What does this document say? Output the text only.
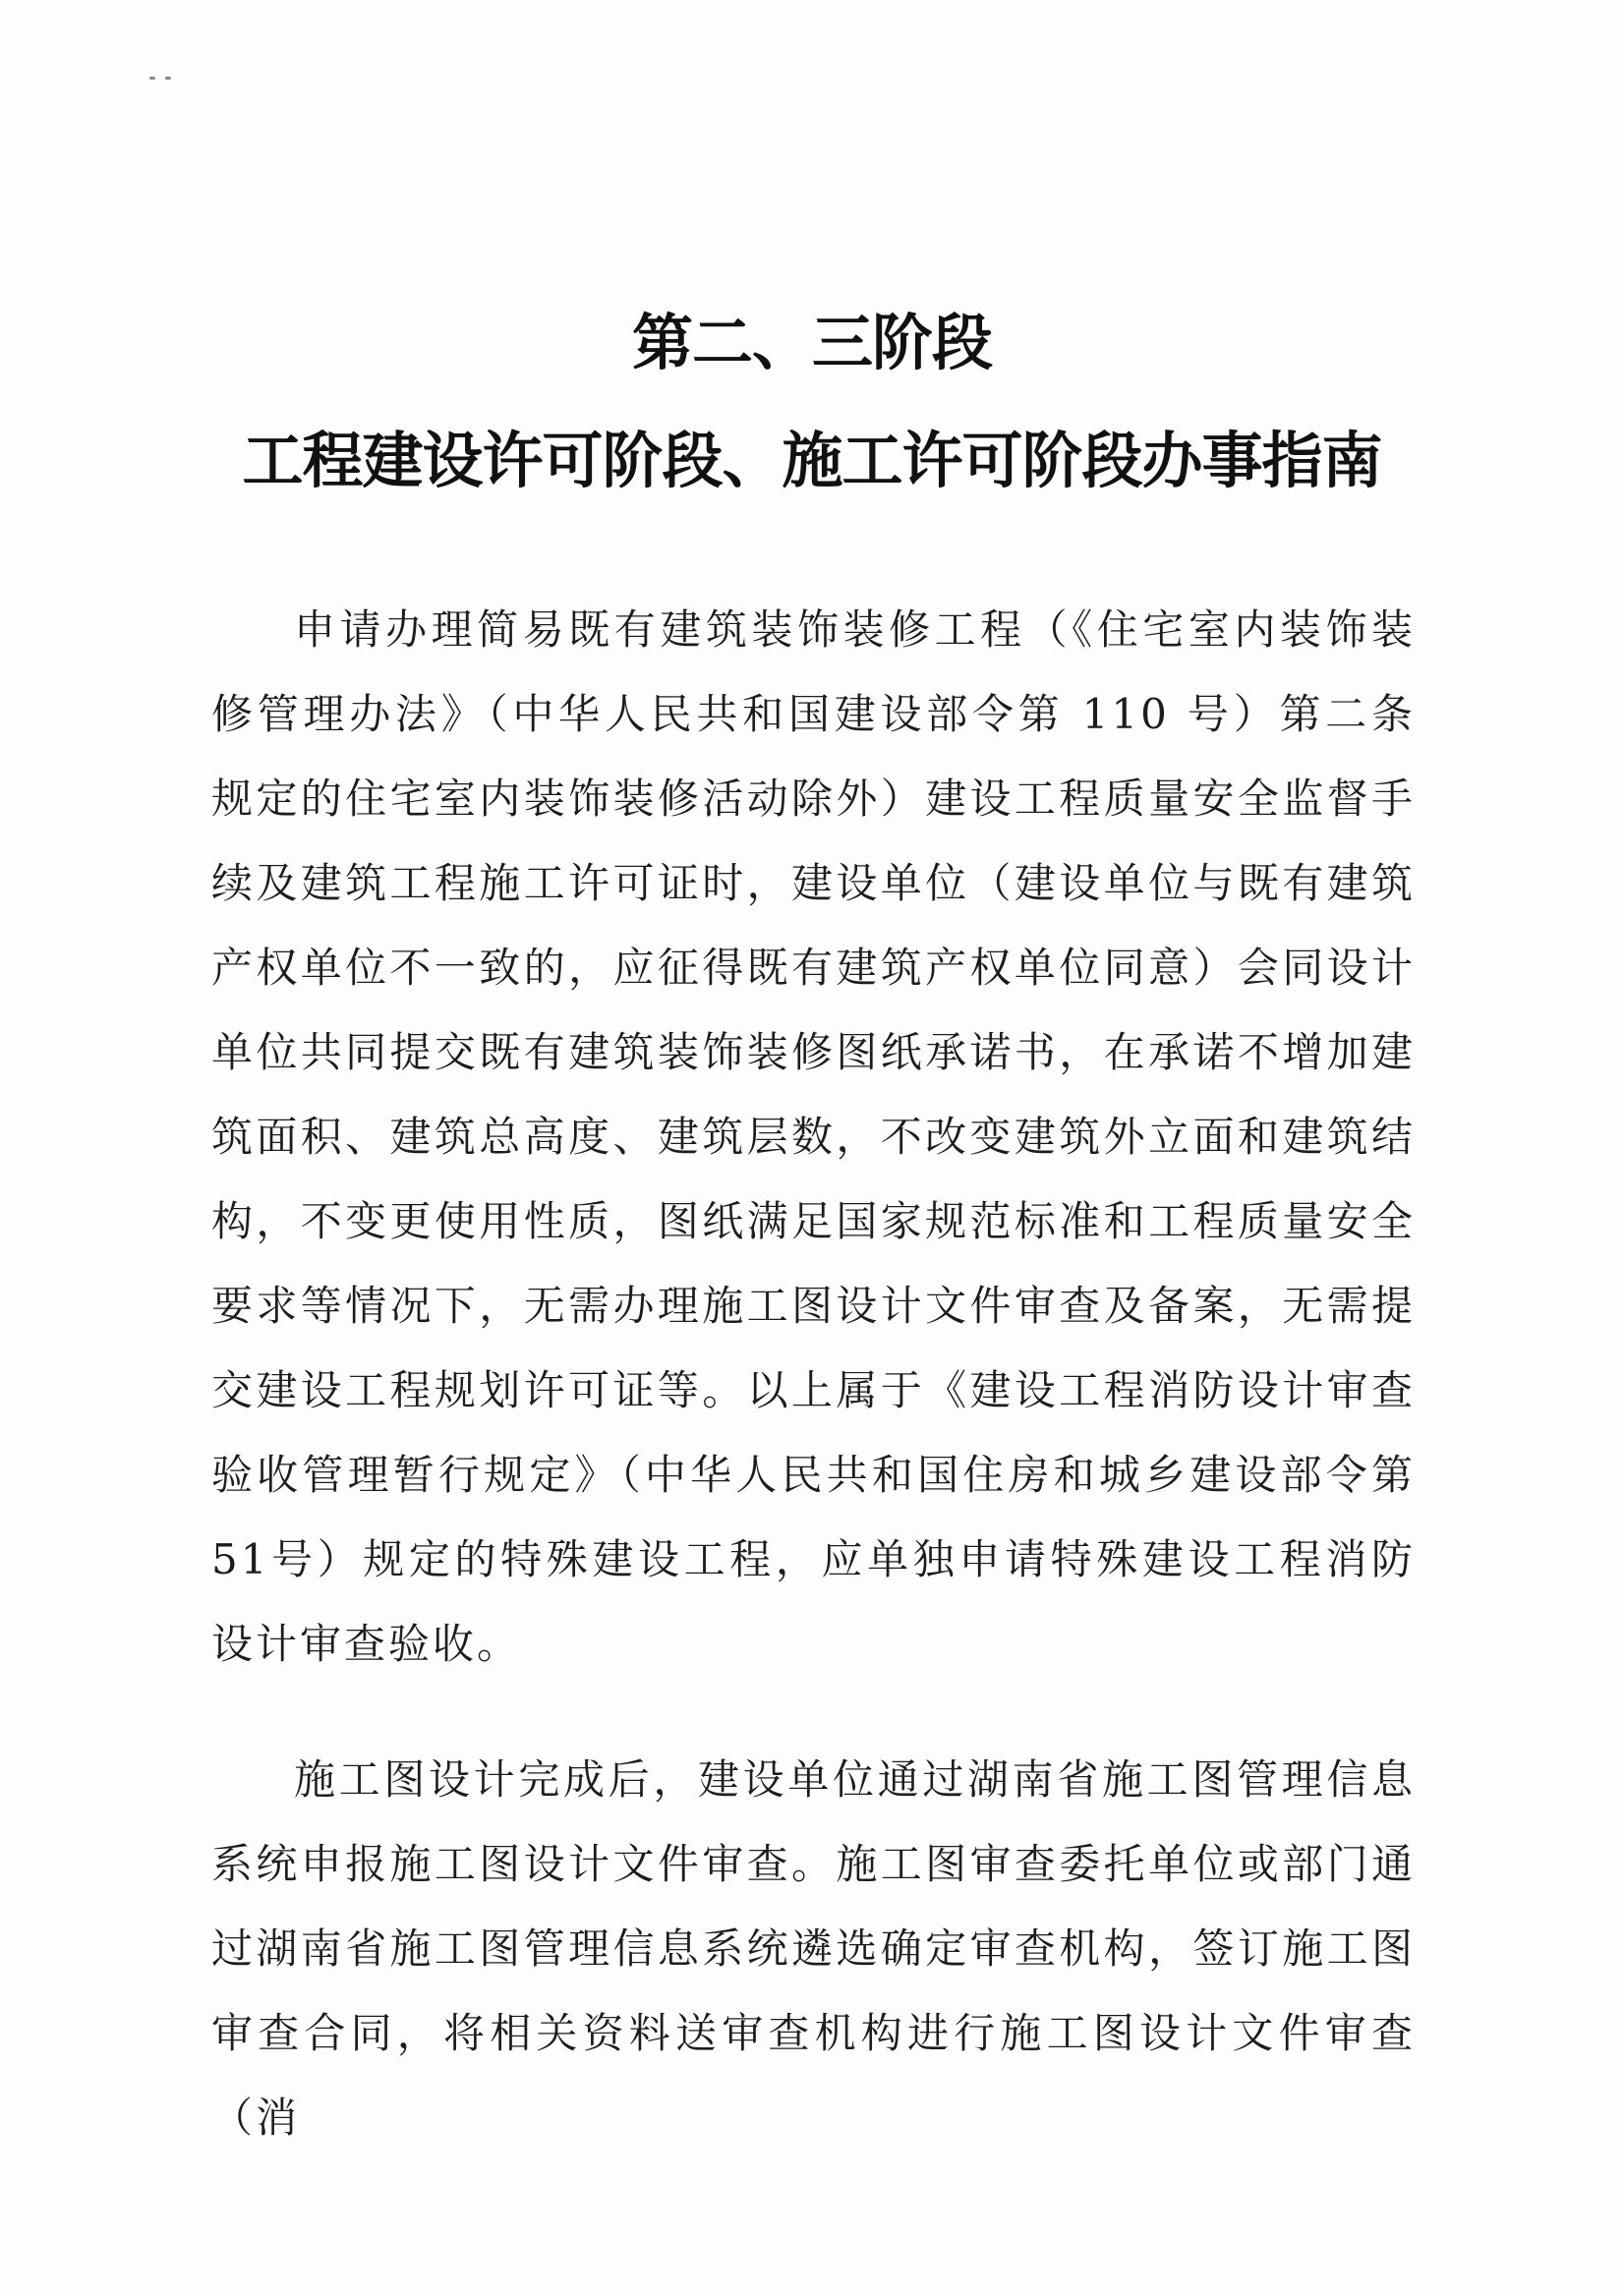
第二、三阶段
工程建设许可阶段、施工许可阶段办事指南

申请办理简易既有建筑装饰装修工程（《住宅室内装饰装修管理办法》（中华人民共和国建设部令第 110 号）第二条规定的住宅室内装饰装修活动除外）建设工程质量安全监督手续及建筑工程施工许可证时，建设单位（建设单位与既有建筑产权单位不一致的，应征得既有建筑产权单位同意）会同设计单位共同提交既有建筑装饰装修图纸承诺书，在承诺不增加建筑面积、建筑总高度、建筑层数，不改变建筑外立面和建筑结构，不变更使用性质，图纸满足国家规范标准和工程质量安全要求等情况下，无需办理施工图设计文件审查及备案，无需提交建设工程规划许可证等。以上属于《建设工程消防设计审查验收管理暂行规定》（中华人民共和国住房和城乡建设部令第51号）规定的特殊建设工程，应单独申请特殊建设工程消防设计审查验收。

施工图设计完成后，建设单位通过湖南省施工图管理信息系统申报施工图设计文件审查。施工图审查委托单位或部门通过湖南省施工图管理信息系统遴选确定审查机构，签订施工图审查合同，将相关资料送审查机构进行施工图设计文件审查（消
